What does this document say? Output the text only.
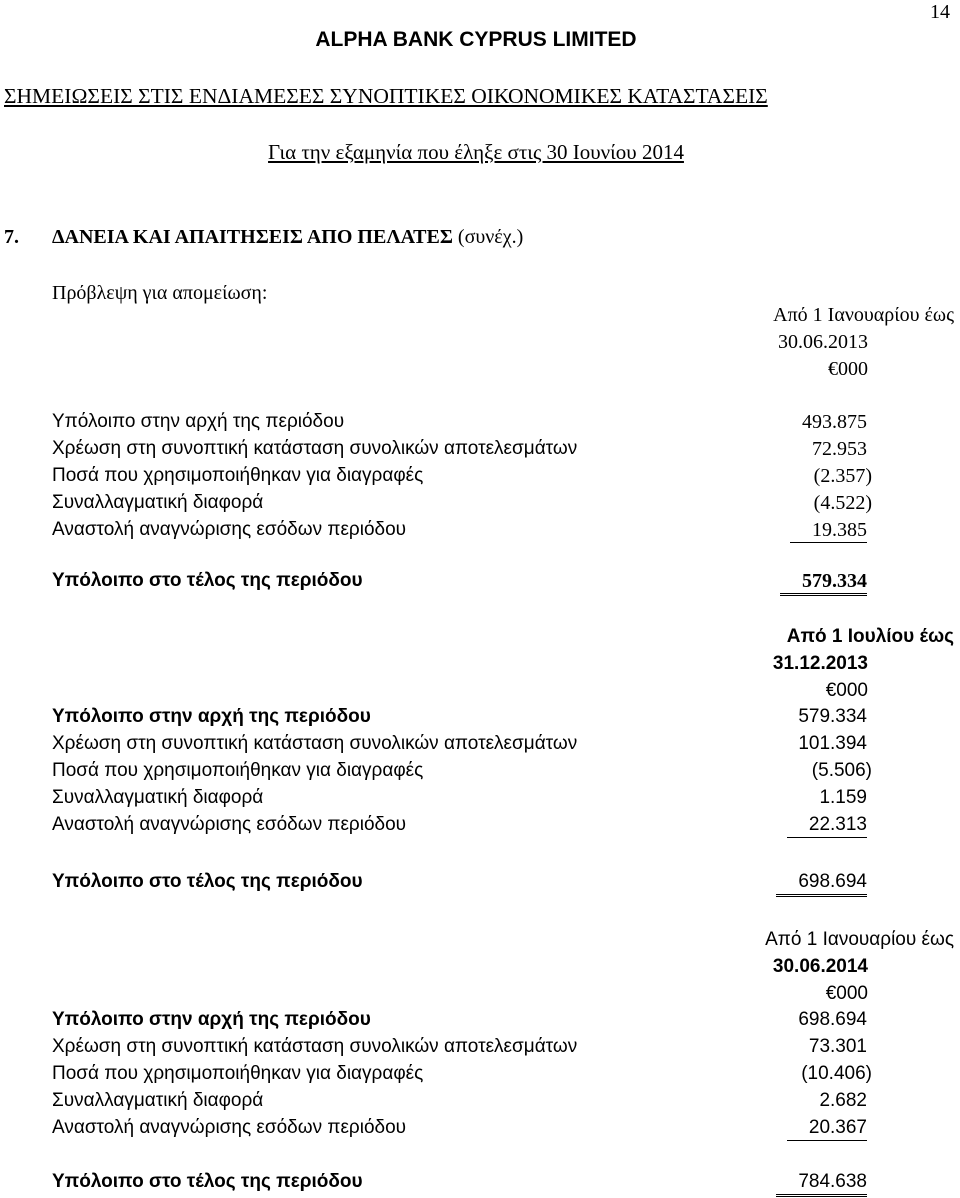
14
ALPHA BANK CYPRUS LIMITED
ΣΗΜΕΙΩΣΕΙΣ ΣΤΙΣ ΕΝΔΙΑΜΕΣΕΣ ΣΥΝΟΠΤΙΚΕΣ ΟΙΚΟΝΟΜΙΚΕΣ ΚΑΤΑΣΤΑΣΕΙΣ
Για την εξαμηνία που έληξε στις 30 Ιουνίου 2014
7. ΔΑΝΕΙΑ ΚΑΙ ΑΠΑΙΤΗΣΕΙΣ ΑΠΟ ΠΕΛΑΤΕΣ (συνέχ.)
Πρόβλεψη για απομείωση:
Από 1 Ιανουαρίου έως
30.06.2013
€000
Υπόλοιπο στην αρχή της περιόδου	493.875
Χρέωση στη συνοπτική κατάσταση συνολικών αποτελεσμάτων	72.953
Ποσά που χρησιμοποιήθηκαν για διαγραφές	(2.357)
Συναλλαγματική διαφορά	(4.522)
Αναστολή αναγνώρισης εσόδων περιόδου	19.385
Υπόλοιπο στο τέλος της περιόδου	579.334
Από 1 Ιουλίου έως
31.12.2013
€000
Υπόλοιπο στην αρχή της περιόδου	579.334
Χρέωση στη συνοπτική κατάσταση συνολικών αποτελεσμάτων	101.394
Ποσά που χρησιμοποιήθηκαν για διαγραφές	(5.506)
Συναλλαγματική διαφορά	1.159
Αναστολή αναγνώρισης εσόδων περιόδου	22.313
Υπόλοιπο στο τέλος της περιόδου	698.694
Από 1 Ιανουαρίου έως
30.06.2014
€000
Υπόλοιπο στην αρχή της περιόδου	698.694
Χρέωση στη συνοπτική κατάσταση συνολικών αποτελεσμάτων	73.301
Ποσά που χρησιμοποιήθηκαν για διαγραφές	(10.406)
Συναλλαγματική διαφορά	2.682
Αναστολή αναγνώρισης εσόδων περιόδου	20.367
Υπόλοιπο στο τέλος της περιόδου	784.638
